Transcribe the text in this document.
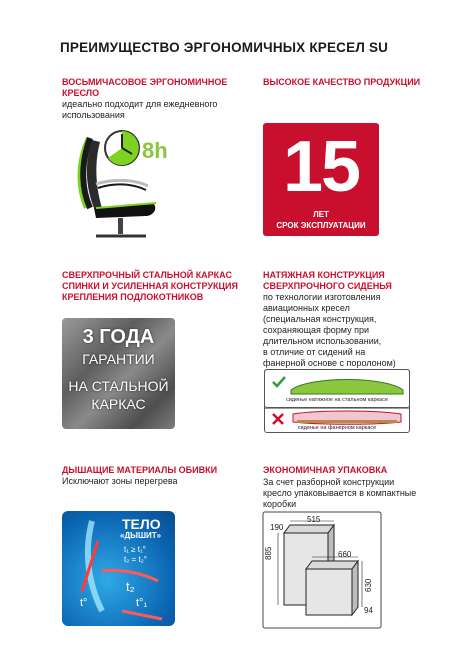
ПРЕИМУЩЕСТВО ЭРГОНОМИЧНЫХ КРЕСЕЛ SU
ВОСЬМИЧАСОВОЕ ЭРГОНОМИЧНОЕ
КРЕСЛО
идеально подходит для ежедневного
использования
8h
ВЫСОКОЕ КАЧЕСТВО ПРОДУКЦИИ
15
ЛЕТ
СРОК ЭКСПЛУАТАЦИИ
СВЕРХПРОЧНЫЙ СТАЛЬНОЙ КАРКАС
СПИНКИ И УСИЛЕННАЯ КОНСТРУКЦИЯ
КРЕПЛЕНИЯ ПОДЛОКОТНИКОВ
3 ГОДА
ГАРАНТИИ
НА СТАЛЬНОЙ
КАРКАС
НАТЯЖНАЯ КОНСТРУКЦИЯ
СВЕРХПРОЧНОГО СИДЕНЬЯ
по технологии изготовления
авиационных кресел
(специальная конструкция,
сохраняющая форму при
длительном использовании,
в отличие от сидений на
фанерной основе с поролоном)
сиденье натяжное на стальном каркасе
сиденье на фанерном каркасе
ДЫШАЩИЕ МАТЕРИАЛЫ ОБИВКИ
Исключают зоны перегрева
ТЕЛО
«ДЫШИТ»
t₁ ≥ t₁°
t₂ = t₂°
t₂
t°	t°₁
ЭКОНОМИЧНАЯ УПАКОВКА
За счет разборной конструкции
кресло упаковывается в компактные
коробки
190
515
885	660
630
94
